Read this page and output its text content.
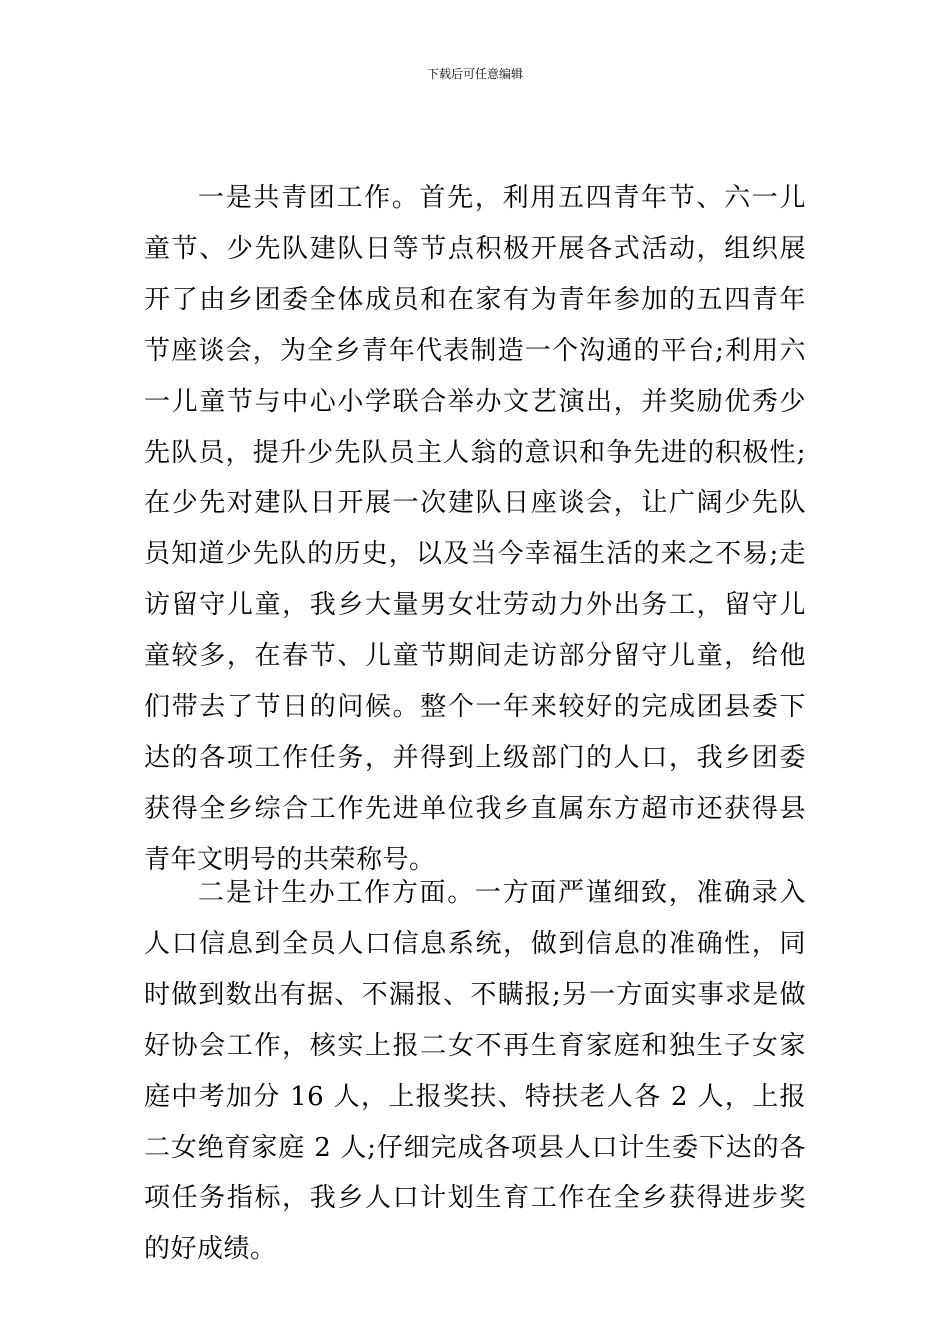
下载后可任意编辑

一是共青团工作。首先，利用五四青年节、六一儿童节、少先队建队日等节点积极开展各式活动，组织展开了由乡团委全体成员和在家有为青年参加的五四青年节座谈会，为全乡青年代表制造一个沟通的平台;利用六一儿童节与中心小学联合举办文艺演出，并奖励优秀少先队员，提升少先队员主人翁的意识和争先进的积极性;在少先对建队日开展一次建队日座谈会，让广阔少先队员知道少先队的历史，以及当今幸福生活的来之不易;走访留守儿童，我乡大量男女壮劳动力外出务工，留守儿童较多，在春节、儿童节期间走访部分留守儿童，给他们带去了节日的问候。整个一年来较好的完成团县委下达的各项工作任务，并得到上级部门的人口，我乡团委获得全乡综合工作先进单位我乡直属东方超市还获得县青年文明号的共荣称号。

二是计生办工作方面。一方面严谨细致，准确录入人口信息到全员人口信息系统，做到信息的准确性，同时做到数出有据、不漏报、不瞒报;另一方面实事求是做好协会工作，核实上报二女不再生育家庭和独生子女家庭中考加分 16 人，上报奖扶、特扶老人各 2 人，上报二女绝育家庭 2 人;仔细完成各项县人口计生委下达的各项任务指标，我乡人口计划生育工作在全乡获得进步奖的好成绩。
